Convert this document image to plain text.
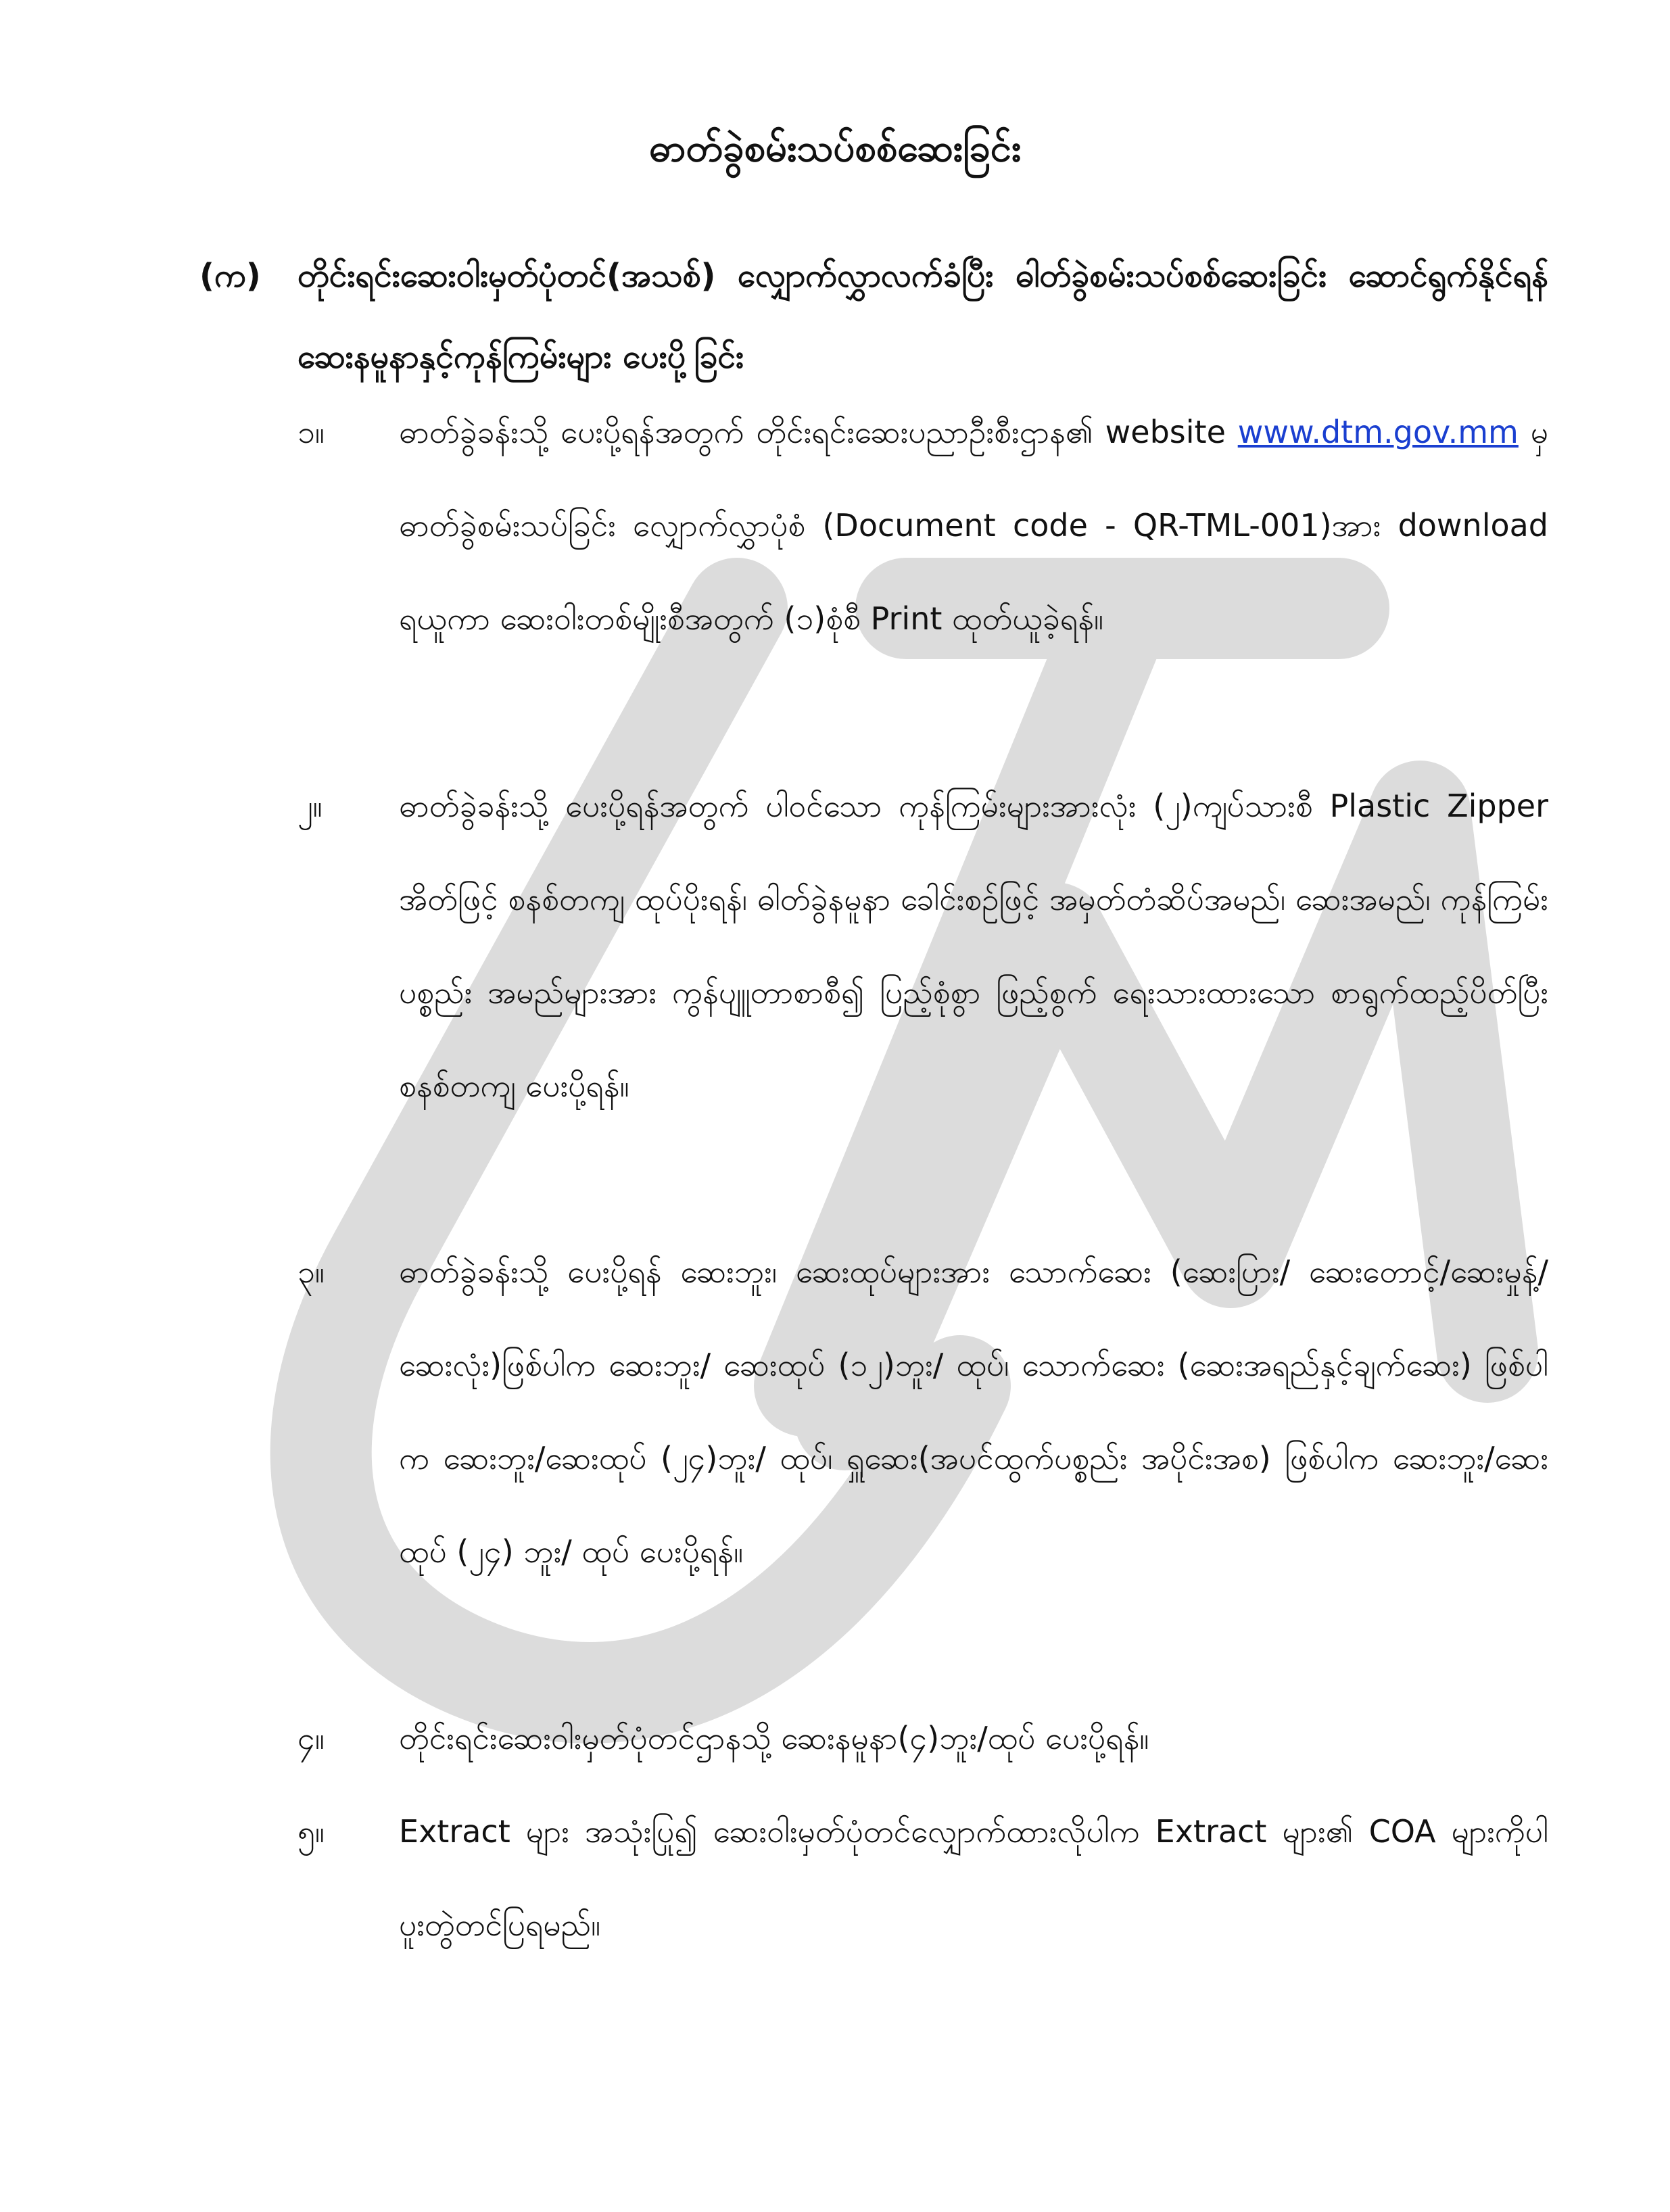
ဓာတ်ခွဲစမ်းသပ်စစ်ဆေးခြင်း
(က) တိုင်းရင်းဆေးဝါးမှတ်ပုံတင်(အသစ်) လျှောက်လွှာလက်ခံပြီး ဓါတ်ခွဲစမ်းသပ်စစ်ဆေးခြင်း ဆောင်ရွက်နိုင်ရန် ဆေးနမူနာနှင့်ကုန်ကြမ်းများ ပေးပို့ခြင်း
၁။ ဓာတ်ခွဲခန်းသို့ ပေးပို့ရန်အတွက် တိုင်းရင်းဆေးပညာဦးစီးဌာန၏ website www.dtm.gov.mm မှ ဓာတ်ခွဲစမ်းသပ်ခြင်း လျှောက်လွှာပုံစံ (Document code - QR-TML-001)အား download ရယူကာ ဆေးဝါးတစ်မျိုးစီအတွက် (၁)စုံစီ Print ထုတ်ယူခဲ့ရန်။
၂။ ဓာတ်ခွဲခန်းသို့ ပေးပို့ရန်အတွက် ပါဝင်သော ကုန်ကြမ်းများအားလုံး (၂)ကျပ်သားစီ Plastic Zipper အိတ်ဖြင့် စနစ်တကျ ထုပ်ပိုးရန်၊ ဓါတ်ခွဲနမူနာ ခေါင်းစဉ်ဖြင့် အမှတ်တံဆိပ်အမည်၊ ဆေးအမည်၊ ကုန်ကြမ်းပစ္စည်း အမည်များအား ကွန်ပျူတာစာစီ၍ ပြည့်စုံစွာ ဖြည့်စွက် ရေးသားထားသော စာရွက်ထည့်ပိတ်ပြီး စနစ်တကျ ပေးပို့ရန်။
၃။ ဓာတ်ခွဲခန်းသို့ ပေးပို့ရန် ဆေးဘူး၊ ဆေးထုပ်များအား သောက်ဆေး (ဆေးပြား/ ဆေးတောင့်/ဆေးမှုန့်/ဆေးလုံး)ဖြစ်ပါက ဆေးဘူး/ ဆေးထုပ် (၁၂)ဘူး/ ထုပ်၊ သောက်ဆေး (ဆေးအရည်နှင့်ချက်ဆေး) ဖြစ်ပါက ဆေးဘူး/ဆေးထုပ် (၂၄)ဘူး/ ထုပ်၊ ရှူဆေး(အပင်ထွက်ပစ္စည်း အပိုင်းအစ) ဖြစ်ပါက ဆေးဘူး/ဆေးထုပ် (၂၄) ဘူး/ ထုပ် ပေးပို့ရန်။
၄။ တိုင်းရင်းဆေးဝါးမှတ်ပုံတင်ဌာနသို့ ဆေးနမူနာ(၄)ဘူး/ထုပ် ပေးပို့ရန်။
၅။ Extract များ အသုံးပြု၍ ဆေးဝါးမှတ်ပုံတင်လျှောက်ထားလိုပါက Extract များ၏ COA များကိုပါ ပူးတွဲတင်ပြရမည်။
